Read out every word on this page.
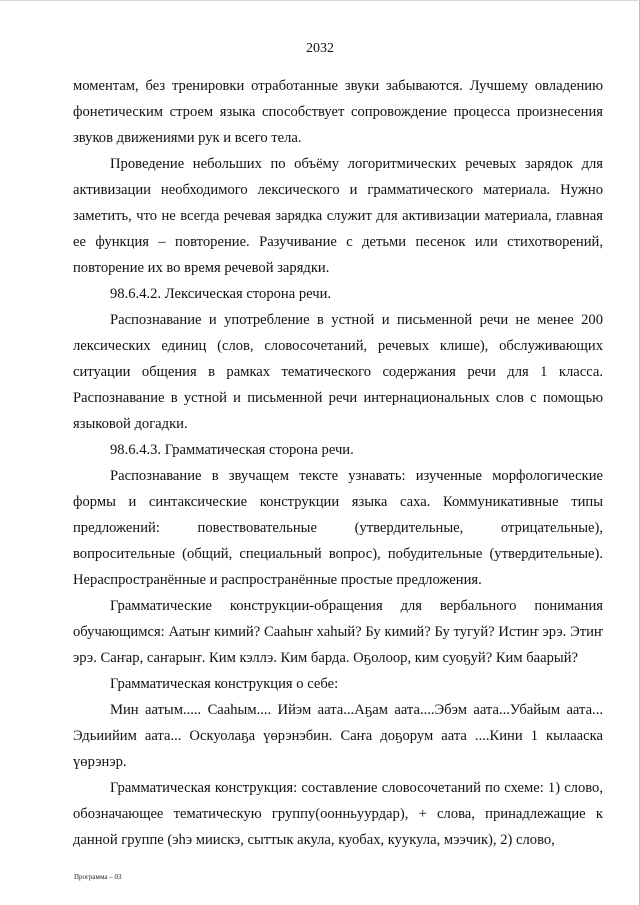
2032

моментам, без тренировки отработанные звуки забываются. Лучшему овладению фонетическим строем языка способствует сопровождение процесса произнесения звуков движениями рук и всего тела.

Проведение небольших по объёму логоритмических речевых зарядок для активизации необходимого лексического и грамматического материала. Нужно заметить, что не всегда речевая зарядка служит для активизации материала, главная ее функция – повторение. Разучивание с детьми песенок или стихотворений, повторение их во время речевой зарядки.

98.6.4.2. Лексическая сторона речи.

Распознавание и употребление в устной и письменной речи не менее 200 лексических единиц (слов, словосочетаний, речевых клише), обслуживающих ситуации общения в рамках тематического содержания речи для 1 класса. Распознавание в устной и письменной речи интернациональных слов с помощью языковой догадки.

98.6.4.3. Грамматическая сторона речи.

Распознавание в звучащем тексте узнавать: изученные морфологические формы и синтаксические конструкции языка саха. Коммуникативные типы предложений: повествовательные (утвердительные, отрицательные), вопросительные (общий, специальный вопрос), побудительные (утвердительные). Нераспространённые и распространённые простые предложения.

Грамматические конструкции-обращения для вербального понимания обучающимся: Аатыҥ кимий? Сааһыҥ хаһый? Бу кимий? Бу тугуй? Истиҥ эрэ. Этиҥ эрэ. Саҥар, саҥарыҥ. Ким кэллэ. Ким барда. Оҕолоор, ким суоҕуй? Ким баарый?

Грамматическая конструкция о себе:

Мин аатым..... Сааһым.... Ийэм аата...Аҕам аата....Эбэм аата...Убайым аата... Эдьиийим аата... Оскуолаҕа үөрэнэбин. Саҥа доҕорум аата ....Кини 1 кылааска үөрэнэр.

Грамматическая конструкция: составление словосочетаний по схеме: 1) слово, обозначающее тематическую группу(оонньуурдар), + слова, принадлежащие к данной группе (эһэ миискэ, сыттык акула, куобах, куукула, мээчик), 2) слово,

Программа – 03
